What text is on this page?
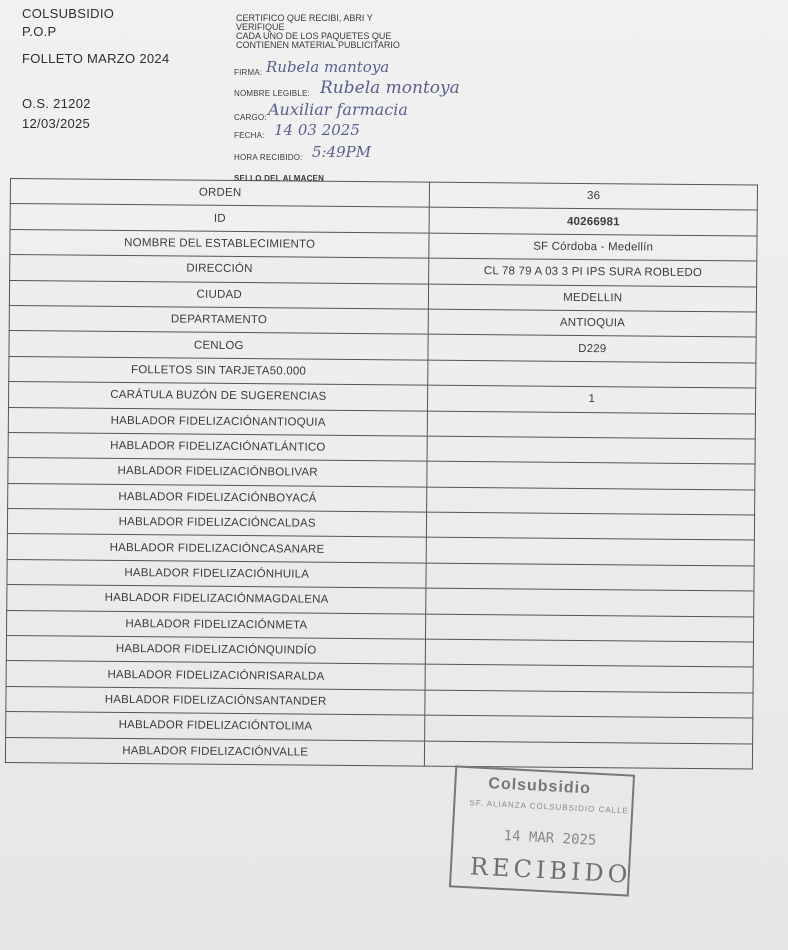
COLSUBSIDIO
P.O.P
FOLLETO MARZO 2024
O.S. 21202
12/03/2025
CERTIFICO QUE RECIBI, ABRI Y
VERIFIQUE
CADA UNO DE LOS PAQUETES QUE
CONTIENEN MATERIAL PUBLICITARIO
FIRMA: Rubela mantoya
NOMBRE LEGIBLE: Rubela montoya
CARGO: Auxiliar farmacia
FECHA: 14 03 2025
HORA RECIBIDO: 5:49PM
SELLO DEL ALMACEN
ORDEN	36
ID	40266981
NOMBRE DEL ESTABLECIMIENTO	SF Córdoba - Medellín
DIRECCIÓN	CL 78 79 A 03 3 PI IPS SURA ROBLEDO
CIUDAD	MEDELLIN
DEPARTAMENTO	ANTIOQUIA
CENLOG	D229
FOLLETOS SIN TARJETA50.000	
CARÁTULA BUZÓN DE SUGERENCIAS	1
HABLADOR FIDELIZACIÓNANTIOQUIA	
HABLADOR FIDELIZACIÓNATLÁNTICO	
HABLADOR FIDELIZACIÓNBOLIVAR	
HABLADOR FIDELIZACIÓNBOYACÁ	
HABLADOR FIDELIZACIÓNCALDAS	
HABLADOR FIDELIZACIÓNCASANARE	
HABLADOR FIDELIZACIÓNHUILA	
HABLADOR FIDELIZACIÓNMAGDALENA	
HABLADOR FIDELIZACIÓNMETA	
HABLADOR FIDELIZACIÓNQUINDÍO	
HABLADOR FIDELIZACIÓNRISARALDA	
HABLADOR FIDELIZACIÓNSANTANDER	
HABLADOR FIDELIZACIÓNTOLIMA	
HABLADOR FIDELIZACIÓNVALLE	
Colsubsidio
SF. ALIANZA COLSUBSIDIO CALLE
14 MAR 2025
RECIBIDO
